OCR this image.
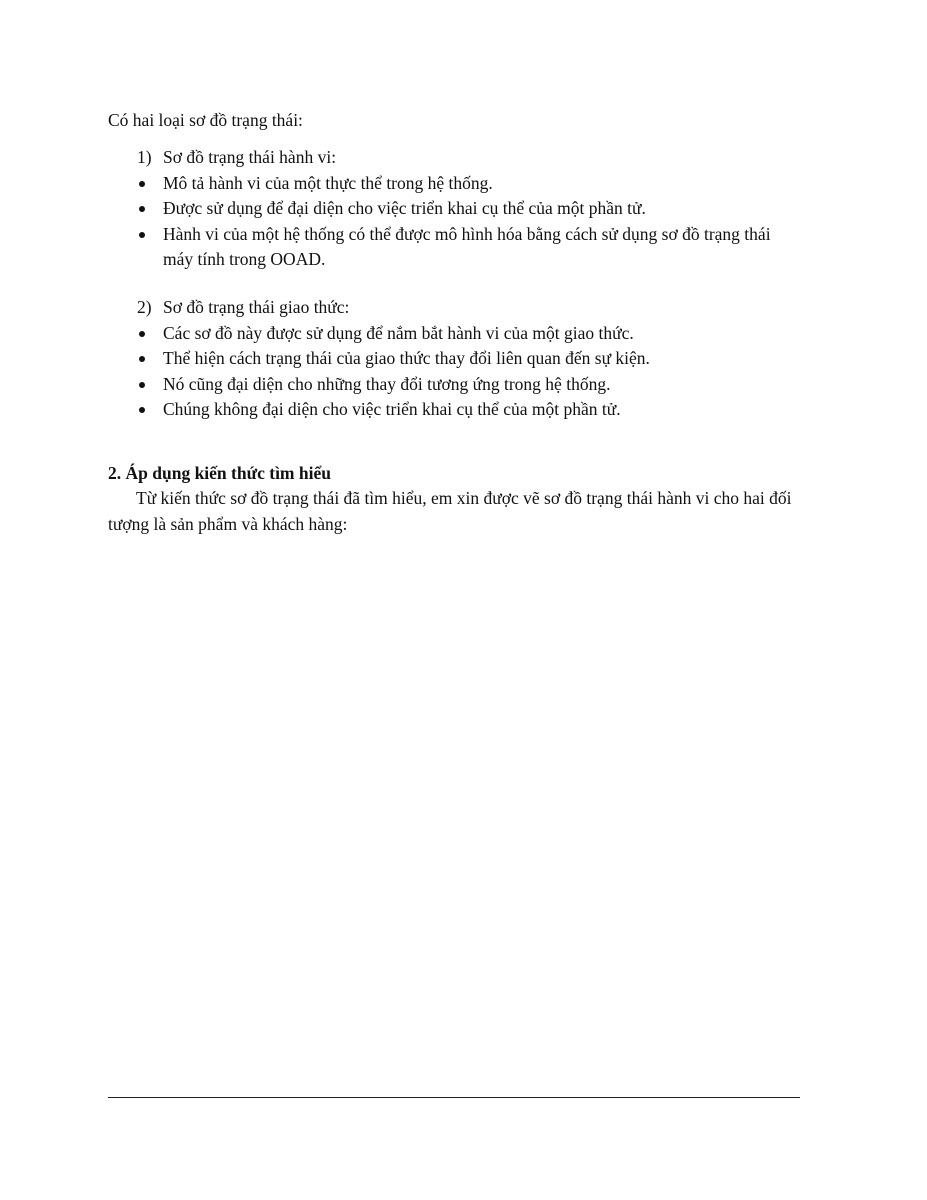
Có hai loại sơ đồ trạng thái:

1) Sơ đồ trạng thái hành vi:
Mô tả hành vi của một thực thể trong hệ thống.
Được sử dụng để đại diện cho việc triển khai cụ thể của một phần tử.
Hành vi của một hệ thống có thể được mô hình hóa bằng cách sử dụng sơ đồ trạng thái máy tính trong OOAD.
2) Sơ đồ trạng thái giao thức:
Các sơ đồ này được sử dụng để nắm bắt hành vi của một giao thức.
Thể hiện cách trạng thái của giao thức thay đổi liên quan đến sự kiện.
Nó cũng đại diện cho những thay đổi tương ứng trong hệ thống.
Chúng không đại diện cho việc triển khai cụ thể của một phần tử.
2. Áp dụng kiến thức tìm hiểu

Từ kiến thức sơ đồ trạng thái đã tìm hiểu, em xin được vẽ sơ đồ trạng thái hành vi cho hai đối tượng là sản phẩm và khách hàng:
